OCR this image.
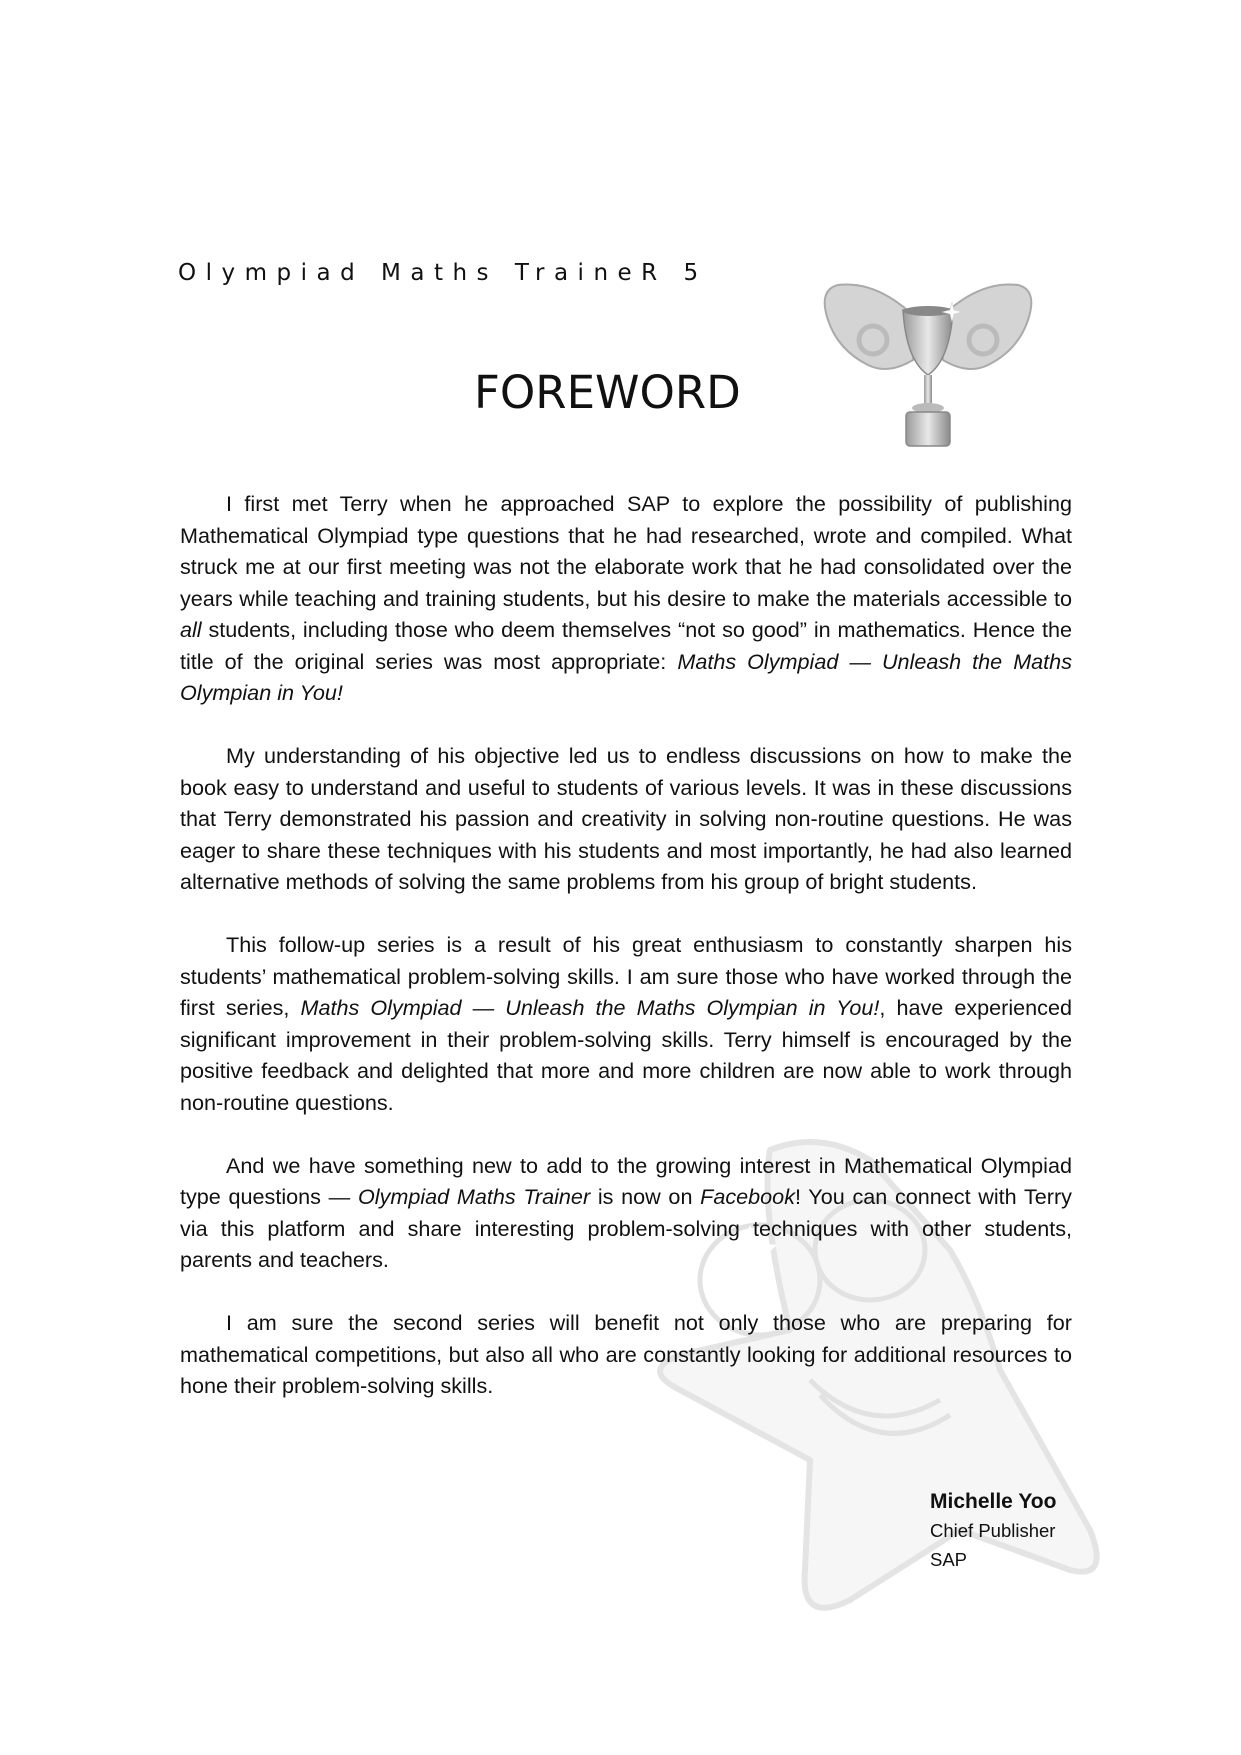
Olympiad Maths TraineR 5
FOREWORD

I first met Terry when he approached SAP to explore the possibility of publishing Mathematical Olympiad type questions that he had researched, wrote and compiled. What struck me at our first meeting was not the elaborate work that he had consolidated over the years while teaching and training students, but his desire to make the materials accessible to all students, including those who deem themselves “not so good” in mathematics. Hence the title of the original series was most appropriate: Maths Olympiad — Unleash the Maths Olympian in You!

My understanding of his objective led us to endless discussions on how to make the book easy to understand and useful to students of various levels. It was in these discussions that Terry demonstrated his passion and creativity in solving non-routine questions. He was eager to share these techniques with his students and most importantly, he had also learned alternative methods of solving the same problems from his group of bright students.

This follow-up series is a result of his great enthusiasm to constantly sharpen his students’ mathematical problem-solving skills. I am sure those who have worked through the first series, Maths Olympiad — Unleash the Maths Olympian in You!, have experienced significant improvement in their problem-solving skills. Terry himself is encouraged by the positive feedback and delighted that more and more children are now able to work through non-routine questions.

And we have something new to add to the growing interest in Mathematical Olympiad type questions — Olympiad Maths Trainer is now on Facebook! You can connect with Terry via this platform and share interesting problem-solving techniques with other students, parents and teachers.

I am sure the second series will benefit not only those who are preparing for mathematical competitions, but also all who are constantly looking for additional resources to hone their problem-solving skills.

Michelle Yoo
Chief Publisher
SAP
